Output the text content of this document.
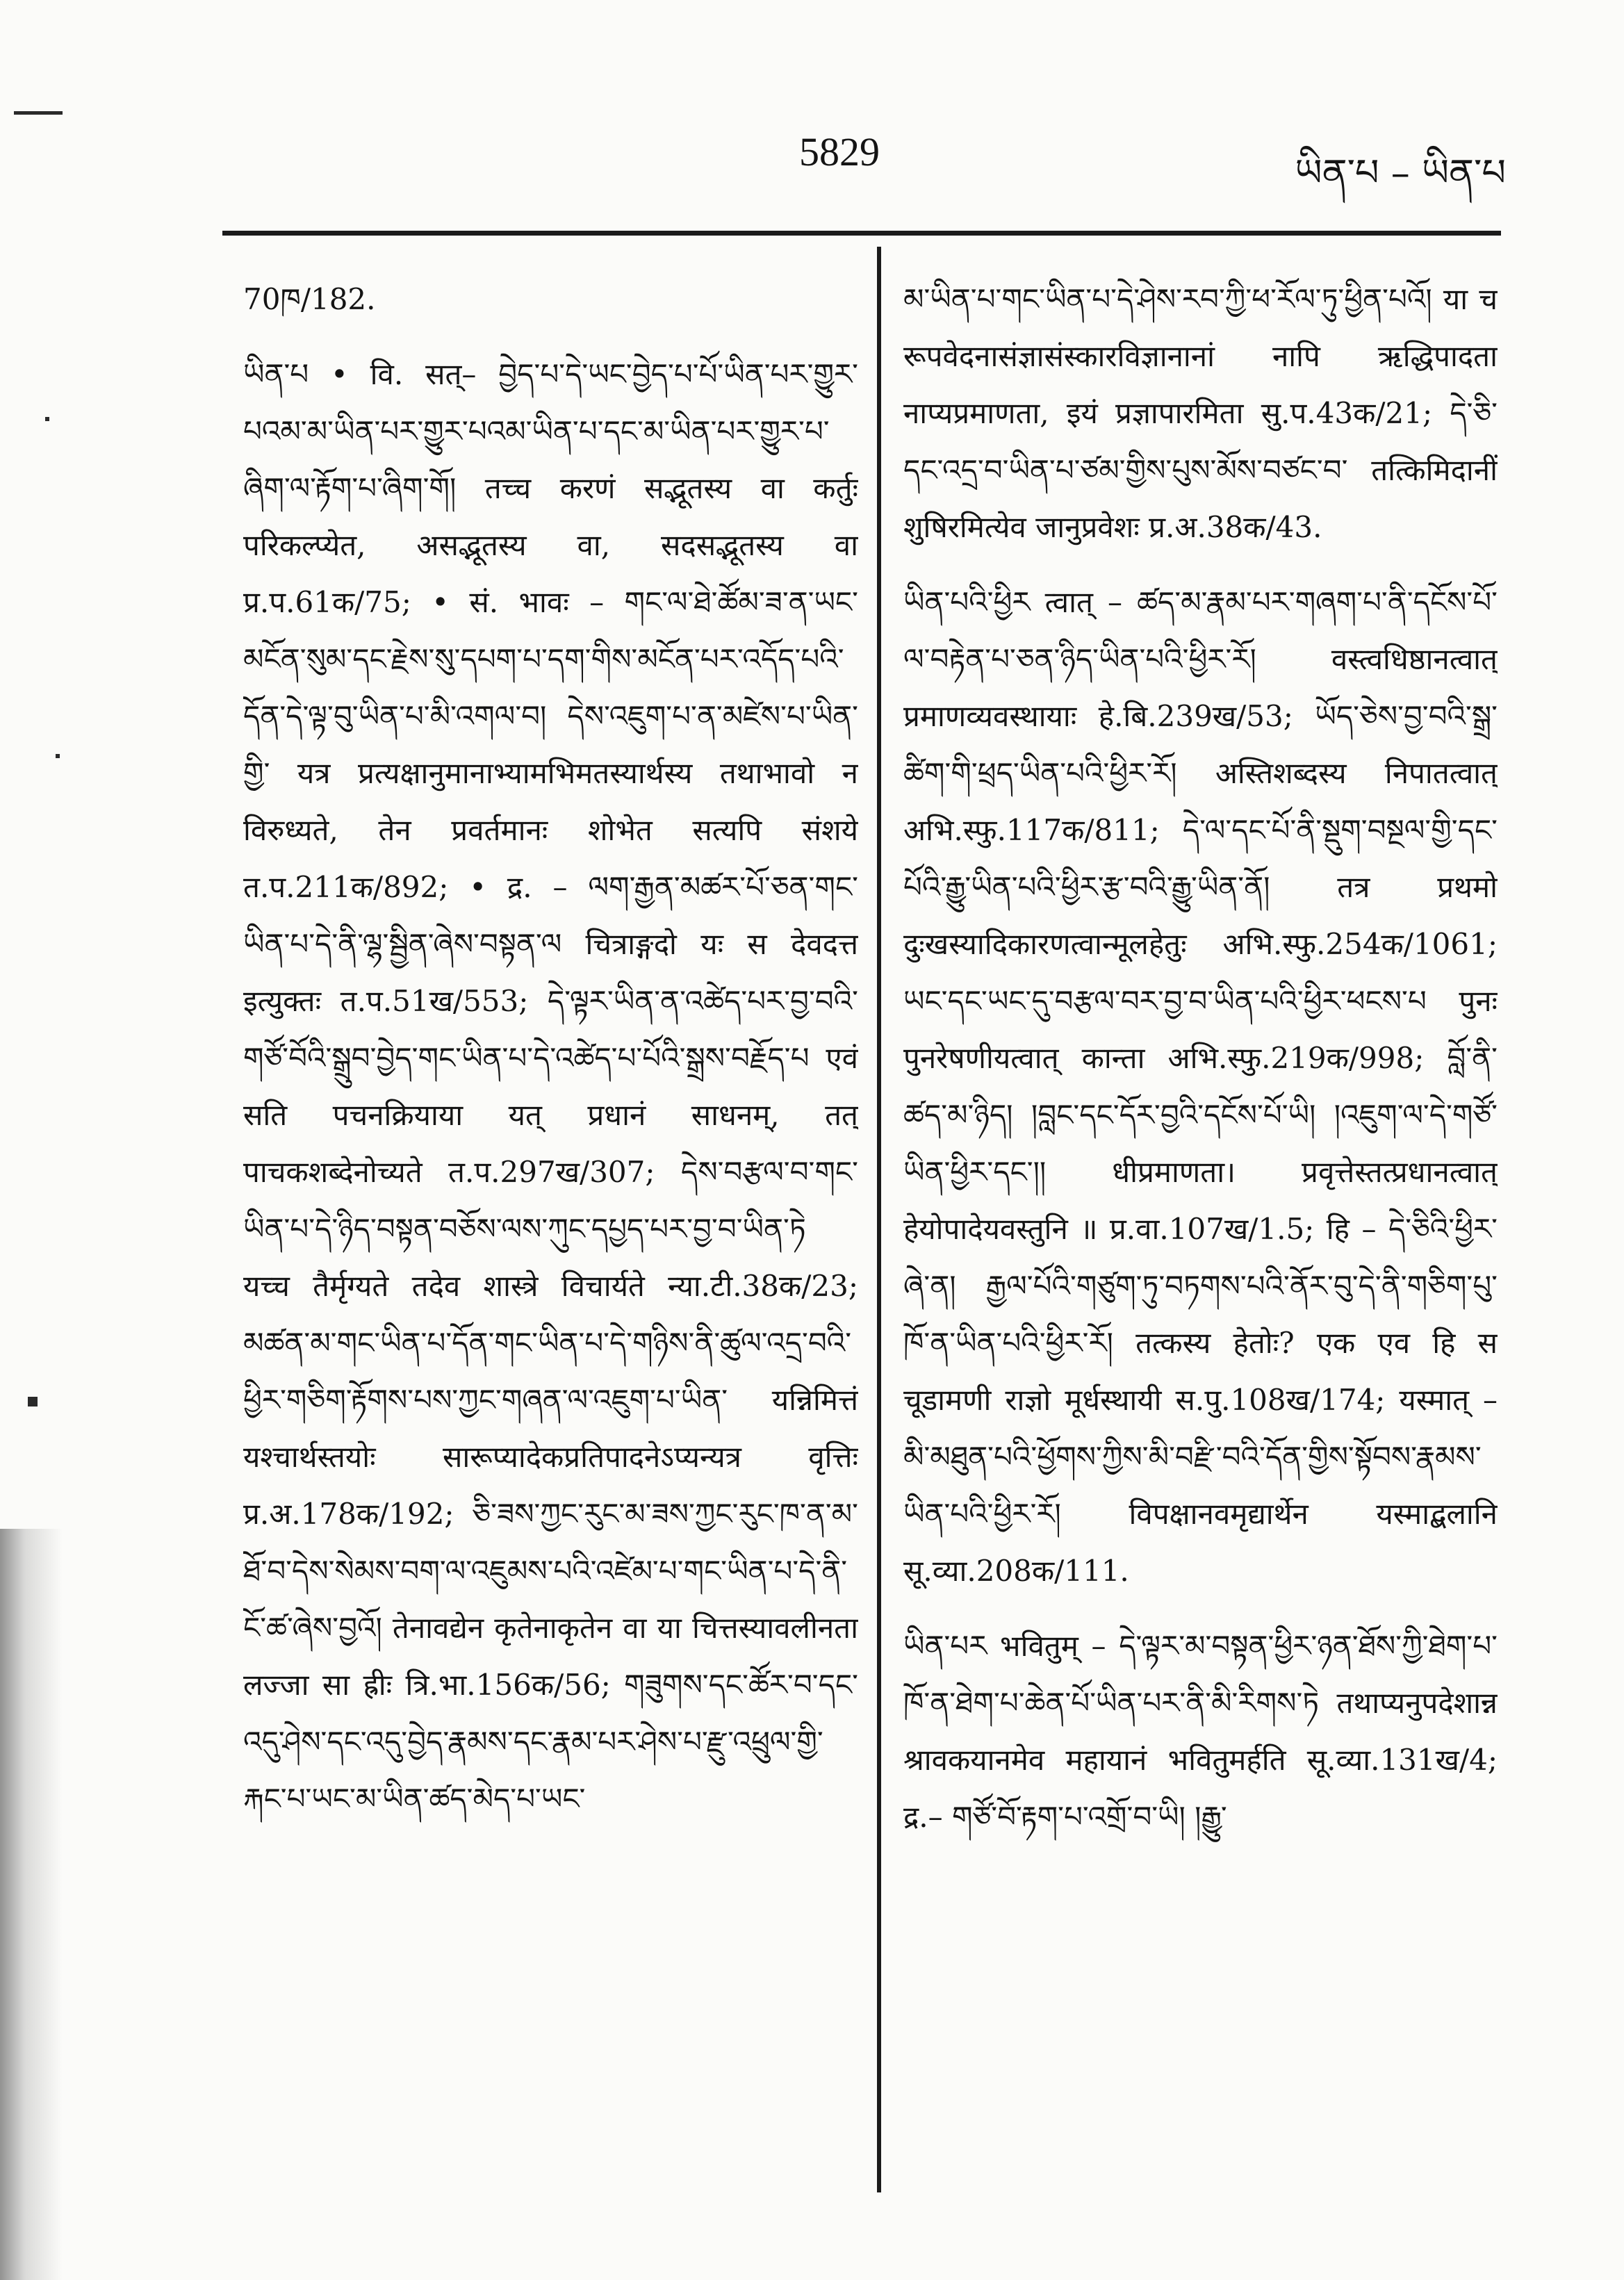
5829	ཡིན་པ – ཡིན་པ

70ཁ/182.

ཡིན་པ • वि. सत्– བྱེད་པ་དེ་ཡང་བྱེད་པ་པོ་ཡིན་པར་གྱུར་པའམ་མ་ཡིན་པར་གྱུར་པའམ་ཡིན་པ་དང་མ་ཡིན་པར་གྱུར་པ་ཞིག་ལ་རྟོག་པ་ཞིག་གོ། तच्च करणं सद्भूतस्य वा कर्तुः परिकल्प्येत, असद्भूतस्य वा, सदसद्भूतस्य वा प्र.प.61क/75; • सं. भावः – གང་ལ་ཐེ་ཚོམ་ཟ་ན་ཡང་མངོན་སུམ་དང་རྗེས་སུ་དཔག་པ་དག་གིས་མངོན་པར་འདོད་པའི་དོན་དེ་ལྟ་བུ་ཡིན་པ་མི་འགལ་བ། དེས་འཇུག་པ་ན་མཛེས་པ་ཡིན་གྱི་ यत्र प्रत्यक्षानुमानाभ्यामभिमतस्यार्थस्य तथाभावो न विरुध्यते, तेन प्रवर्तमानः शोभेत सत्यपि संशये त.प.211क/892; • द्र. – ལག་རྒྱན་མཚར་པོ་ཅན་གང་ཡིན་པ་དེ་ནི་ལྷ་སྦྱིན་ཞེས་བསྟན་ལ चित्राङ्गदो यः स देवदत्त इत्युक्तः त.प.51ख/553; དེ་ལྟར་ཡིན་ན་འཚེད་པར་བྱ་བའི་གཙོ་བོའི་སྒྲུབ་བྱེད་གང་ཡིན་པ་དེ་འཚེད་པ་པོའི་སྒྲས་བརྗོད་པ एवं सति पचनक्रियाया यत् प्रधानं साधनम्, तत् पाचकशब्देनोच्यते त.प.297ख/307; དེས་བརྩལ་བ་གང་ཡིན་པ་དེ་ཉིད་བསྟན་བཅོས་ལས་ཀུང་དཔྱད་པར་བྱ་བ་ཡིན་ཏེ यच्च तैर्मृग्यते तदेव शास्त्रे विचार्यते न्या.टी.38क/23; མཚན་མ་གང་ཡིན་པ་དོན་གང་ཡིན་པ་དེ་གཉིས་ནི་ཚུལ་འདྲ་བའི་ཕྱིར་གཅིག་རྟོགས་པས་ཀྱང་གཞན་ལ་འཇུག་པ་ཡིན་ यन्निमित्तं यश्चार्थस्तयोः सारूप्यादेकप्रतिपादनेऽप्यन्यत्र वृत्तिः प्र.अ.178क/192; ཅི་ཟས་ཀྱང་རུང་མ་ཟས་ཀྱང་རུང་ཁ་ན་མ་ཐོ་བ་དེས་སེམས་བག་ལ་འཇུམས་པའི་འཛེམ་པ་གང་ཡིན་པ་དེ་ནི་ངོ་ཚ་ཞེས་བྱའོ། तेनावद्येन कृतेनाकृतेन वा या चित्तस्यावलीनता लज्जा सा ह्रीः त्रि.भा.156क/56; གཟུགས་དང་ཚོར་བ་དང་འདུ་ཤེས་དང་འདུ་བྱེད་རྣམས་དང་རྣམ་པར་ཤེས་པ་རྫུ་འཕྲུལ་གྱི་རྐང་པ་ཡང་མ་ཡིན་ཚད་མེད་པ་ཡང་

མ་ཡིན་པ་གང་ཡིན་པ་དེ་ཤེས་རབ་ཀྱི་ཕ་རོལ་ཏུ་ཕྱིན་པའོ། या च रूपवेदनासंज्ञासंस्कारविज्ञानानां नापि ऋद्धिपादता नाप्यप्रमाणता, इयं प्रज्ञापारमिता सु.प.43क/21; དེ་ཅི་དང་འདྲ་བ་ཡིན་པ་ཙམ་གྱིས་པུས་མོས་བཙང་བ་ तत्किमिदानीं शुषिरमित्येव जानुप्रवेशः प्र.अ.38क/43.

ཡིན་པའི་ཕྱིར त्वात् – ཚད་མ་རྣམ་པར་གཞག་པ་ནི་དངོས་པོ་ལ་བརྟེན་པ་ཅན་ཉིད་ཡིན་པའི་ཕྱིར་རོ། वस्त्वधिष्ठानत्वात् प्रमाणव्यवस्थायाः हे.बि.239ख/53; ཡོད་ཅེས་བྱ་བའི་སྒྲ་ཚིག་གི་ཕྲད་ཡིན་པའི་ཕྱིར་རོ། अस्तिशब्दस्य निपातत्वात् अभि.स्फु.117क/811; དེ་ལ་དང་པོ་ནི་སྡུག་བསྔལ་གྱི་དང་པོའི་རྒྱུ་ཡིན་པའི་ཕྱིར་རྩ་བའི་རྒྱུ་ཡིན་ནོ། तत्र प्रथमो दुःखस्यादिकारणत्वान्मूलहेतुः अभि.स्फु.254क/1061; ཡང་དང་ཡང་དུ་བརྩལ་བར་བྱ་བ་ཡིན་པའི་ཕྱིར་ཕངས་པ पुनः पुनरेषणीयत्वात् कान्ता अभि.स्फु.219क/998; བློ་ནི་ཚད་མ་ཉིད། །བླང་དང་དོར་བྱའི་དངོས་པོ་ཡི། །འཇུག་ལ་དེ་གཙོ་ཡིན་ཕྱིར་དང་།། धीप्रमाणता। प्रवृत्तेस्तत्प्रधानत्वात् हेयोपादेयवस्तुनि ॥ प्र.वा.107ख/1.5; हि – དེ་ཅིའི་ཕྱིར་ཞེ་ན། རྒྱལ་པོའི་གཙུག་ཏུ་བཏགས་པའི་ནོར་བུ་དེ་ནི་གཅིག་པུ་ཁོ་ན་ཡིན་པའི་ཕྱིར་རོ། तत्कस्य हेतोः? एक एव हि स चूडामणी राज्ञो मूर्धस्थायी स.पु.108ख/174; यस्मात् – མི་མཐུན་པའི་ཕྱོགས་ཀྱིས་མི་བརྫི་བའི་དོན་གྱིས་སྟོབས་རྣམས་ཡིན་པའི་ཕྱིར་རོ། विपक्षानवमृद्यार्थेन यस्माद्बलानि सू.व्या.208क/111.

ཡིན་པར भवितुम् – དེ་ལྟར་མ་བསྟན་ཕྱིར་ཉན་ཐོས་ཀྱི་ཐེག་པ་ཁོ་ན་ཐེག་པ་ཆེན་པོ་ཡིན་པར་ནི་མི་རིགས་ཏེ तथाप्यनुपदेशान्न श्रावकयानमेव महायानं भवितुमर्हति सू.व्या.131ख/4; द्र.– གཙོ་བོ་རྟག་པ་འགྲོ་བ་ཡི། །རྒྱུ་
